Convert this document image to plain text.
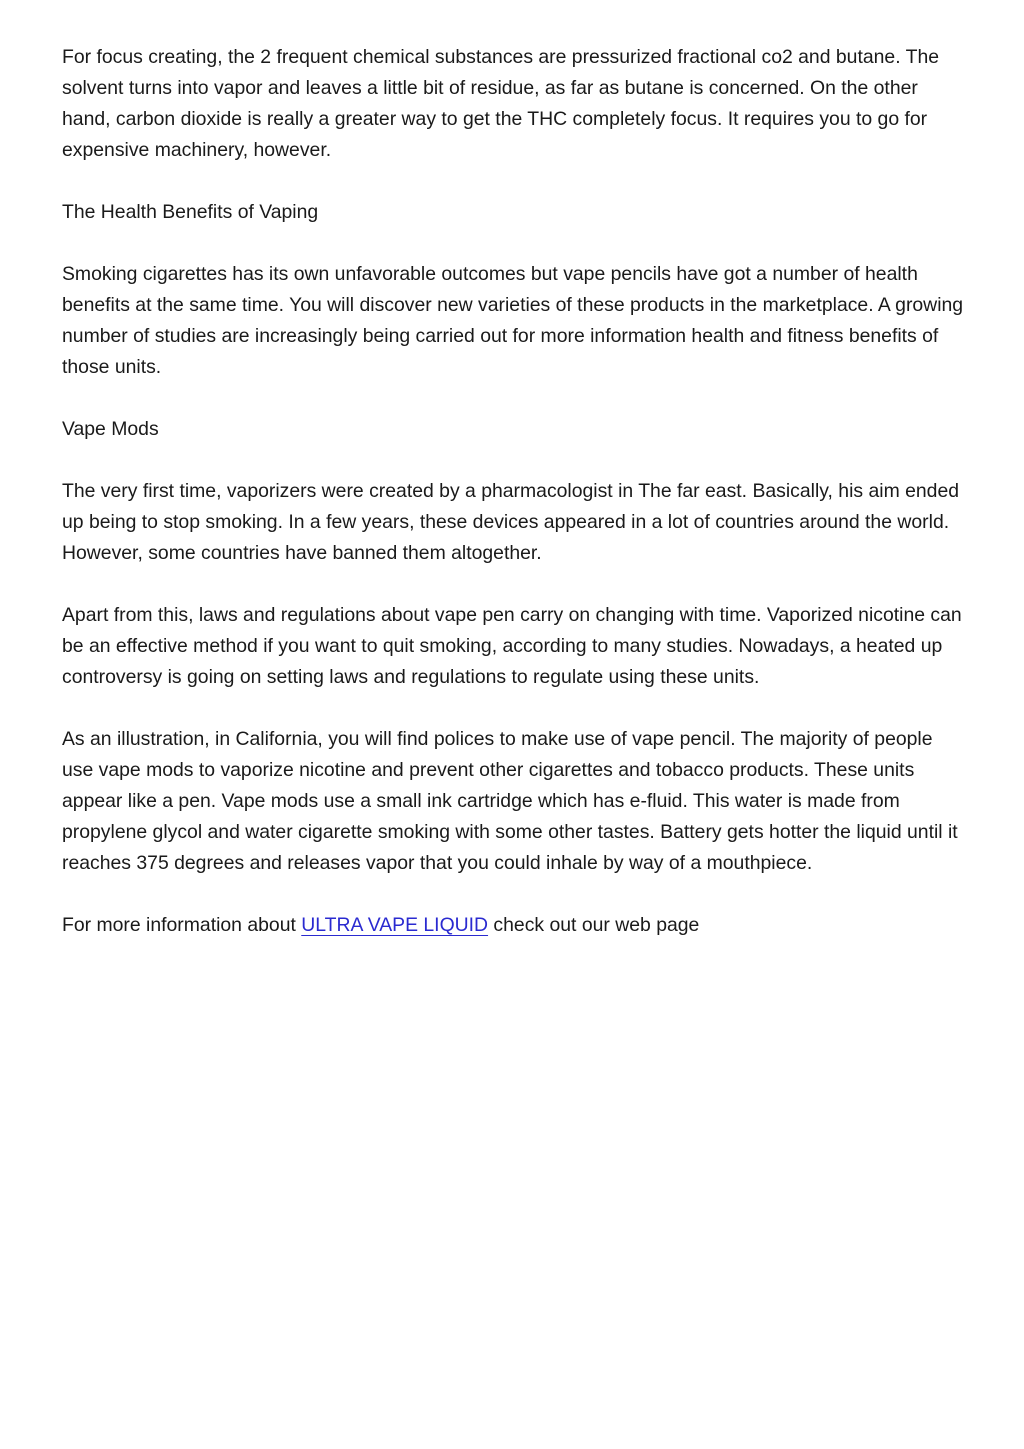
For focus creating, the 2 frequent chemical substances are pressurized fractional co2 and butane. The solvent turns into vapor and leaves a little bit of residue, as far as butane is concerned. On the other hand, carbon dioxide is really a greater way to get the THC completely focus. It requires you to go for expensive machinery, however.

The Health Benefits of Vaping

Smoking cigarettes has its own unfavorable outcomes but vape pencils have got a number of health benefits at the same time. You will discover new varieties of these products in the marketplace. A growing number of studies are increasingly being carried out for more information health and fitness benefits of those units.

Vape Mods

The very first time, vaporizers were created by a pharmacologist in The far east. Basically, his aim ended up being to stop smoking. In a few years, these devices appeared in a lot of countries around the world. However, some countries have banned them altogether.

Apart from this, laws and regulations about vape pen carry on changing with time. Vaporized nicotine can be an effective method if you want to quit smoking, according to many studies. Nowadays, a heated up controversy is going on setting laws and regulations to regulate using these units.

As an illustration, in California, you will find polices to make use of vape pencil. The majority of people use vape mods to vaporize nicotine and prevent other cigarettes and tobacco products. These units appear like a pen. Vape mods use a small ink cartridge which has e-fluid. This water is made from propylene glycol and water cigarette smoking with some other tastes. Battery gets hotter the liquid until it reaches 375 degrees and releases vapor that you could inhale by way of a mouthpiece.

For more information about ULTRA VAPE LIQUID check out our web page
